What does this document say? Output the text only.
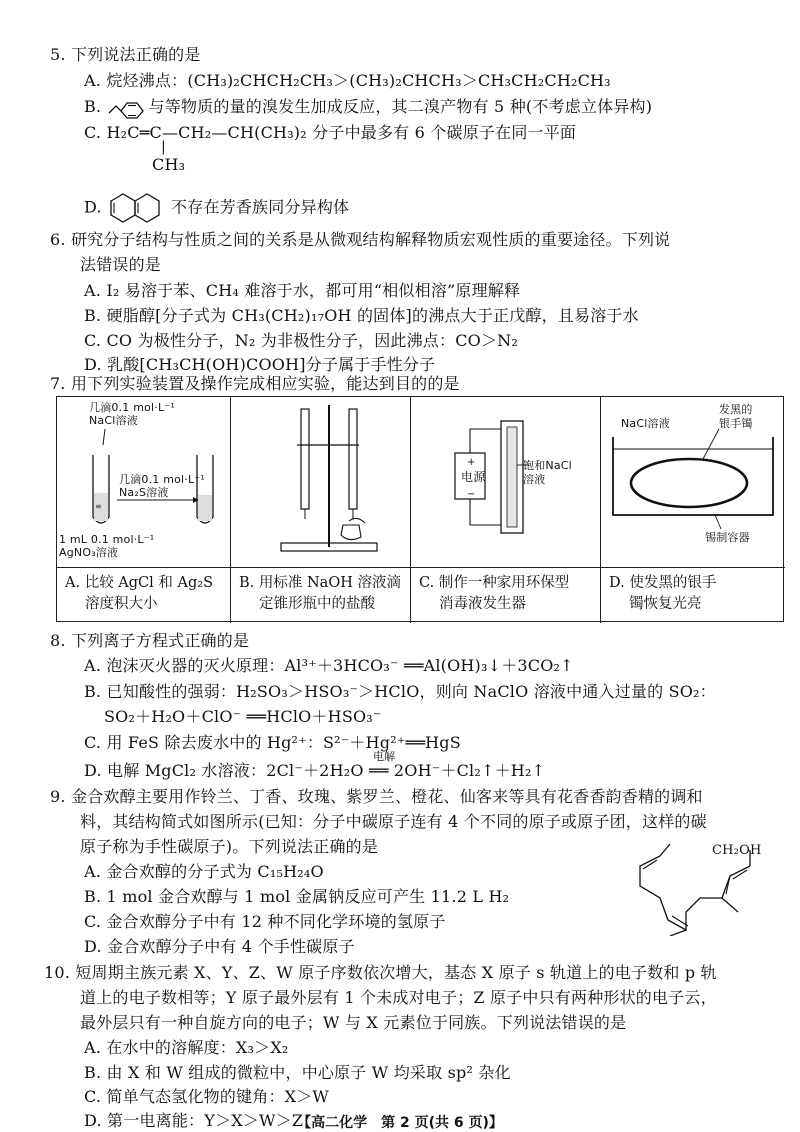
5. 下列说法正确的是
A. 烷烃沸点：(CH₃)₂CHCH₂CH₃＞(CH₃)₂CHCH₃＞CH₃CH₂CH₂CH₃
B.	与等物质的量的溴发生加成反应，其二溴产物有 5 种(不考虑立体异构)
C. H₂C═C—CH₂—CH(CH₃)₂ 分子中最多有 6 个碳原子在同一平面
|
CH₃
D.	不存在芳香族同分异构体
6. 研究分子结构与性质之间的关系是从微观结构解释物质宏观性质的重要途径。下列说
法错误的是
A. I₂ 易溶于苯、CH₄ 难溶于水，都可用“相似相溶”原理解释
B. 硬脂醇[分子式为 CH₃(CH₂)₁₇OH 的固体]的沸点大于正戊醇，且易溶于水
C. CO 为极性分子，N₂ 为非极性分子，因此沸点：CO＞N₂
D. 乳酸[CH₃CH(OH)COOH]分子属于手性分子
7. 用下列实验装置及操作完成相应实验，能达到目的的是
几滴0.1 mol·L⁻¹
NaCl溶液
几滴0.1 mol·L⁻¹
Na₂S溶液
1 mL 0.1 mol·L⁻¹
AgNO₃溶液
≡
饱和NaCl
溶液
电源
+
−
NaCl溶液
发黑的
银手镯
锡制容器
A. 比较 AgCl 和 Ag₂S
溶度积大小
B. 用标准 NaOH 溶液滴
定锥形瓶中的盐酸
C. 制作一种家用环保型
消毒液发生器
D. 使发黑的银手
镯恢复光亮
8. 下列离子方程式正确的是
A. 泡沫灭火器的灭火原理：Al³⁺＋3HCO₃⁻ ══Al(OH)₃↓＋3CO₂↑
B. 已知酸性的强弱：H₂SO₃＞HSO₃⁻＞HClO，则向 NaClO 溶液中通入过量的 SO₂：
SO₂＋H₂O＋ClO⁻ ══HClO＋HSO₃⁻
C. 用 FeS 除去废水中的 Hg²⁺：S²⁻＋Hg²⁺══HgS
D. 电解 MgCl₂ 水溶液：2Cl⁻＋2H₂O
电解
══ 2OH⁻＋Cl₂↑＋H₂↑
9. 金合欢醇主要用作铃兰、丁香、玫瑰、紫罗兰、橙花、仙客来等具有花香香韵香精的调和
料，其结构简式如图所示(已知：分子中碳原子连有 4 个不同的原子或原子团，这样的碳
原子称为手性碳原子)。下列说法正确的是
A. 金合欢醇的分子式为 C₁₅H₂₄O
B. 1 mol 金合欢醇与 1 mol 金属钠反应可产生 11.2 L H₂
C. 金合欢醇分子中有 12 种不同化学环境的氢原子
D. 金合欢醇分子中有 4 个手性碳原子
CH₂OH
10. 短周期主族元素 X、Y、Z、W 原子序数依次增大，基态 X 原子 s 轨道上的电子数和 p 轨
道上的电子数相等；Y 原子最外层有 1 个未成对电子；Z 原子中只有两种形状的电子云，
最外层只有一种自旋方向的电子；W 与 X 元素位于同族。下列说法错误的是
A. 在水中的溶解度：X₃＞X₂
B. 由 X 和 W 组成的微粒中，中心原子 W 均采取 sp² 杂化
C. 简单气态氢化物的键角：X＞W
D. 第一电离能：Y＞X＞W＞Z
【高二化学　第 2 页(共 6 页)】
